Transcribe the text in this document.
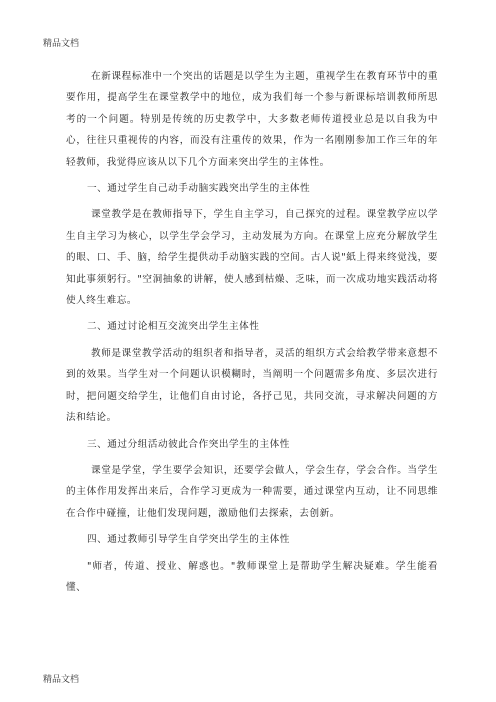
精品文档

在新课程标准中一个突出的话题是以学生为主题，重视学生在教育环节中的重要作用，提高学生在课堂教学中的地位，成为我们每一个参与新课标培训教师所思考的一个问题。特别是传统的历史教学中，大多数老师传道授业总是以自我为中心，往往只重视传的内容，而没有注重传的效果，作为一名刚刚参加工作三年的年轻教师，我觉得应该从以下几个方面来突出学生的主体性。

一、通过学生自己动手动脑实践突出学生的主体性

课堂教学是在教师指导下，学生自主学习，自己探究的过程。课堂教学应以学生自主学习为核心，以学生学会学习，主动发展为方向。在课堂上应充分解放学生的眼、口、手、脑，给学生提供动手动脑实践的空间。古人说"紙上得来终觉浅，要知此事须躬行。"空洞抽象的讲解，使人感到枯燥、乏味，而一次成功地实践活动将使人终生难忘。

二、通过讨论相互交流突出学生主体性

教师是课堂教学活动的组织者和指导者，灵活的组织方式会给教学带来意想不到的效果。当学生对一个问题认识模糊时，当阐明一个问题需多角度、多层次进行时，把问题交给学生，让他们自由讨论，各抒己见，共同交流，寻求解决问题的方法和结论。

三、通过分组活动彼此合作突出学生的主体性

课堂是学堂，学生要学会知识，还要学会做人，学会生存，学会合作。当学生的主体作用发挥出来后，合作学习更成为一种需要，通过课堂内互动，让不同思维在合作中碰撞，让他们发现问题，激励他们去探索，去创新。

四、通过教师引导学生自学突出学生的主体性

"师者，传道、授业、解惑也。"教师课堂上是帮助学生解决疑难。学生能看懂、

精品文档
